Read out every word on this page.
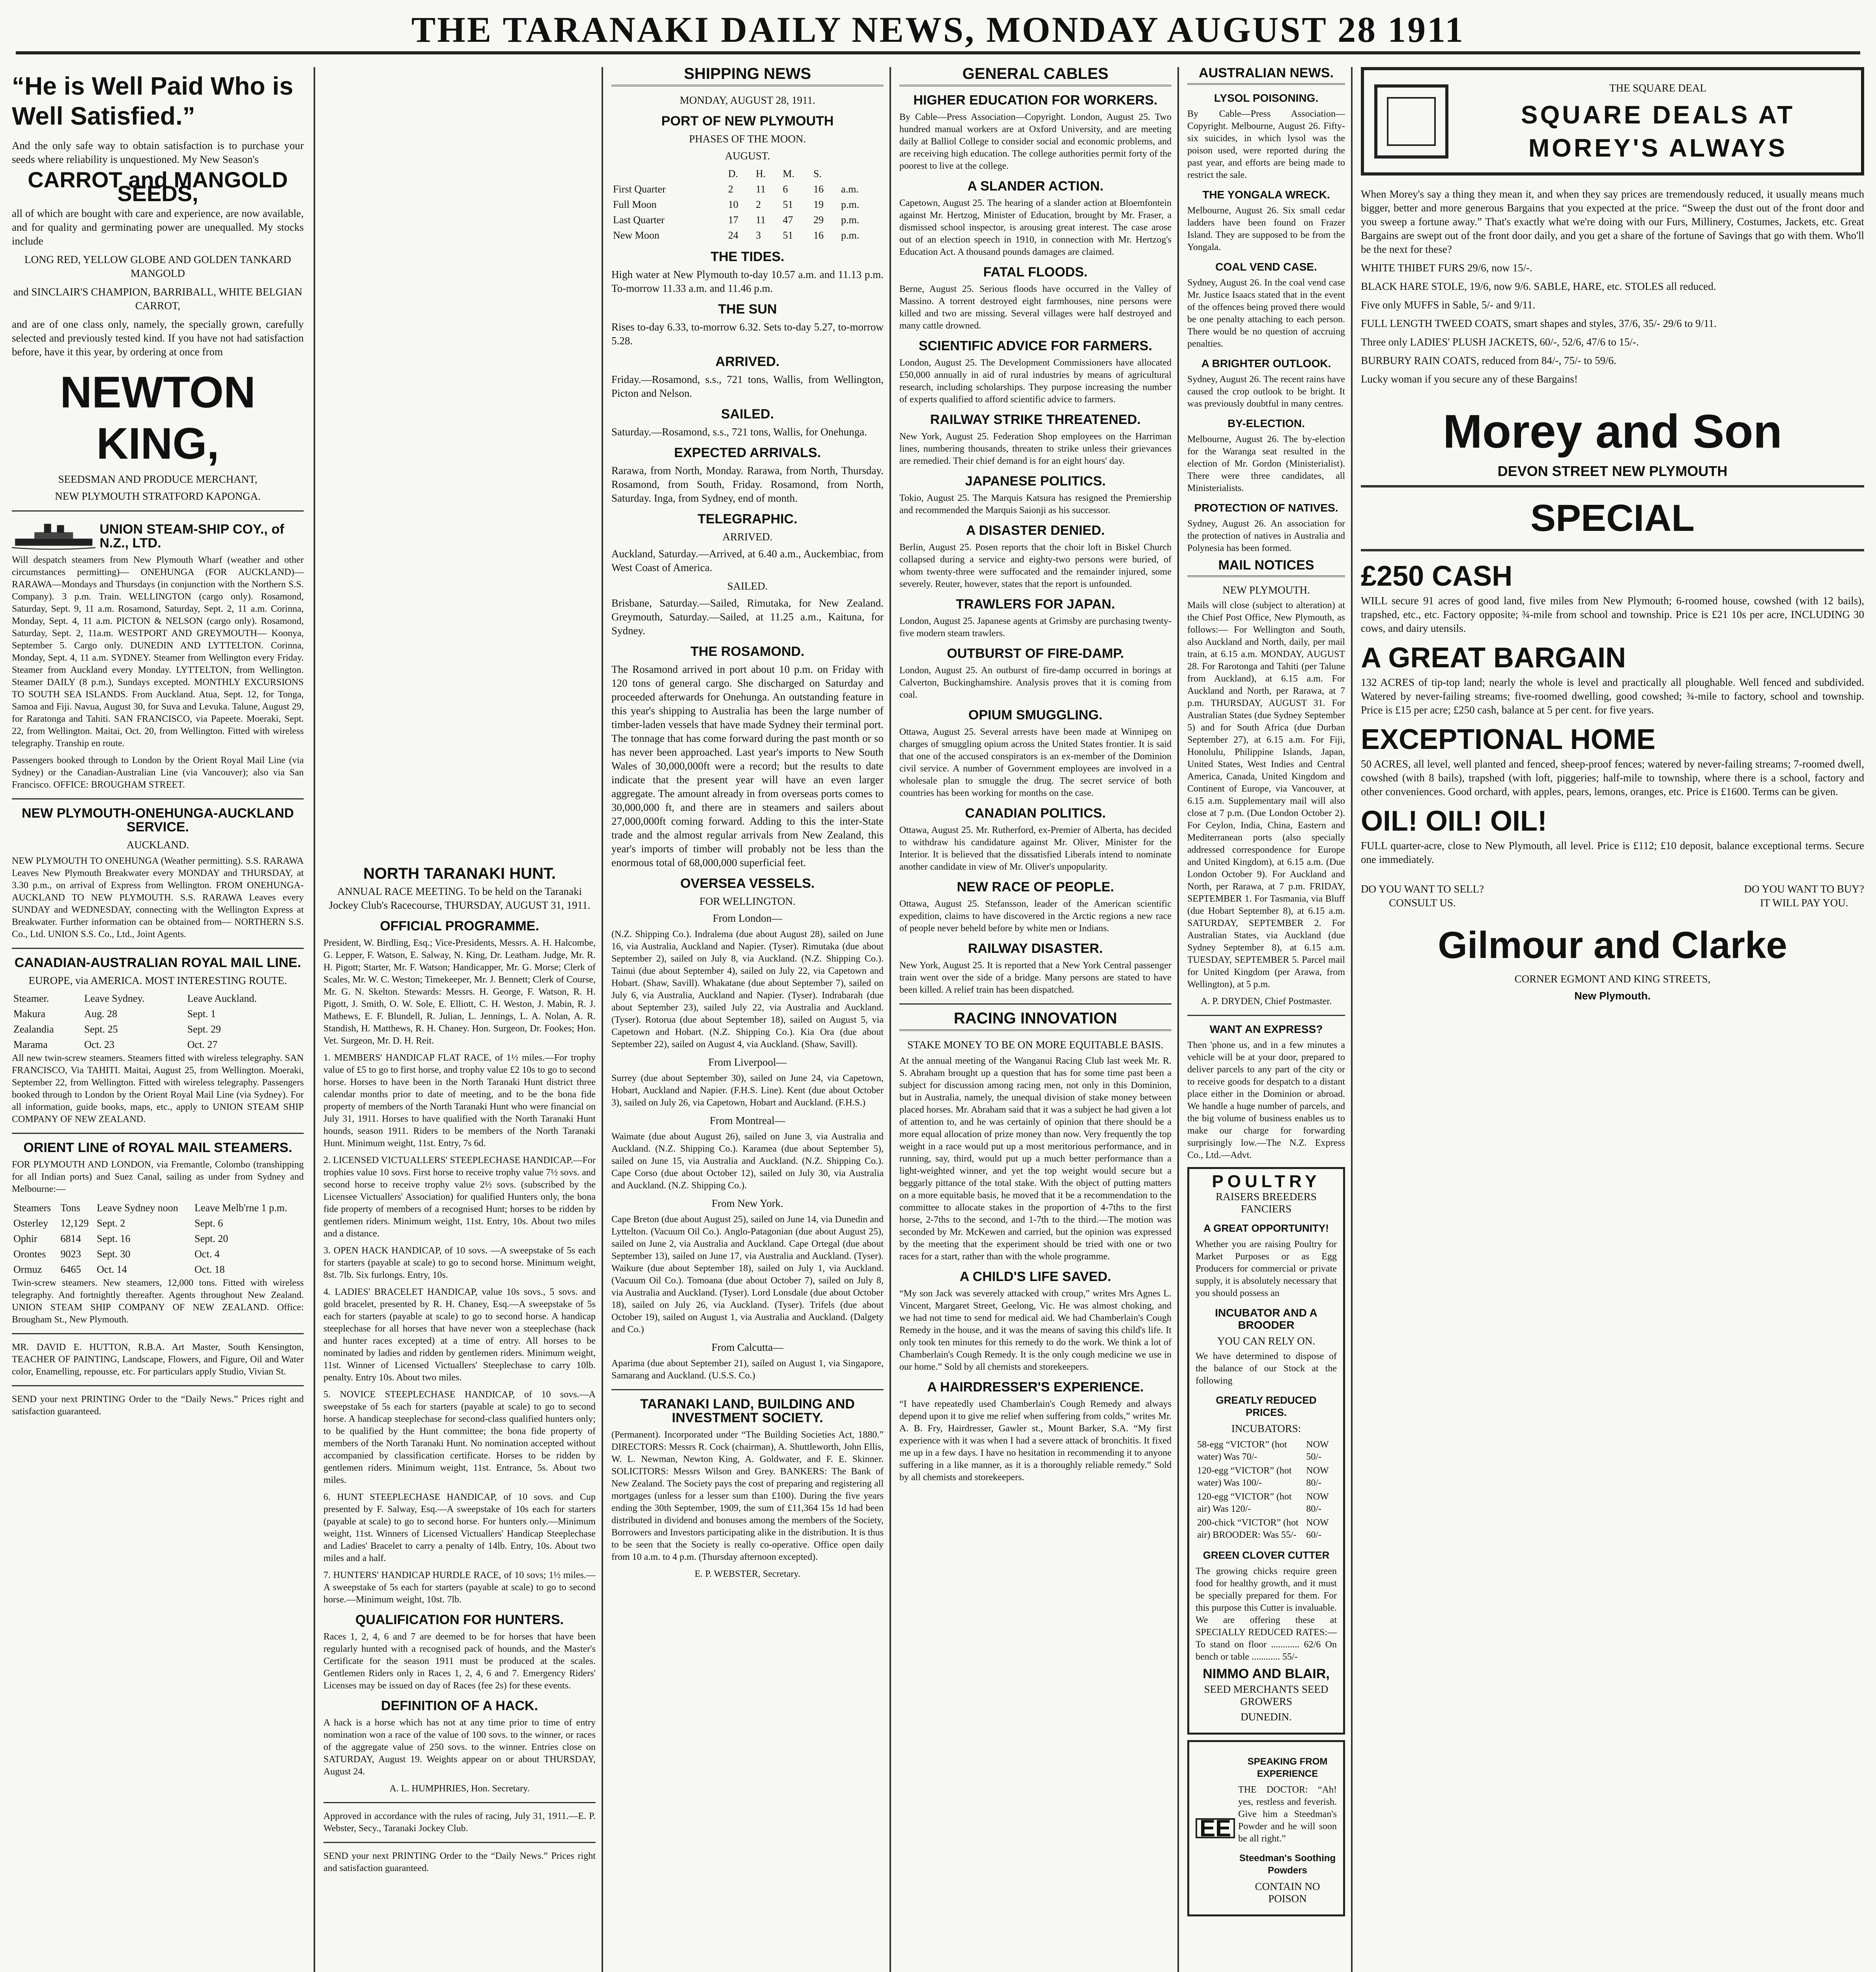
THE TARANAKI DAILY NEWS, MONDAY AUGUST 28 1911
“He is Well Paid Who is Well Satisfied.”

And the only safe way to obtain satisfaction is to purchase your seeds where reliability is unquestioned. My New Season's

CARROT and MANGOLD SEEDS,

all of which are bought with care and experience, are now available, and for quality and germinating power are unequalled. My stocks include

LONG RED, YELLOW GLOBE AND GOLDEN TANKARD MANGOLD

and SINCLAIR'S CHAMPION, BARRIBALL, WHITE BELGIAN CARROT,

and are of one class only, namely, the specially grown, carefully selected and previously tested kind. If you have not had satisfaction before, have it this year, by ordering at once from

NEWTON KING,
SEEDSMAN AND PRODUCE MERCHANT,
NEW PLYMOUTH STRATFORD KAPONGA.
UNION STEAM-SHIP COY., of N.Z., LTD.

Will despatch steamers from New Plymouth Wharf (weather and other circumstances permitting)— ONEHUNGA (FOR AUCKLAND)— RARAWA—Mondays and Thursdays (in conjunction with the Northern S.S. Company). 3 p.m. Train. WELLINGTON (cargo only). Rosamond, Saturday, Sept. 9, 11 a.m. Rosamond, Saturday, Sept. 2, 11 a.m. Corinna, Monday, Sept. 4, 11 a.m. PICTON & NELSON (cargo only). Rosamond, Saturday, Sept. 2, 11a.m. WESTPORT AND GREYMOUTH— Koonya, September 5. Cargo only. DUNEDIN AND LYTTELTON. Corinna, Monday, Sept. 4, 11 a.m. SYDNEY. Steamer from Wellington every Friday. Steamer from Auckland every Monday. LYTTELTON, from Wellington. Steamer DAILY (8 p.m.), Sundays excepted. MONTHLY EXCURSIONS TO SOUTH SEA ISLANDS. From Auckland. Atua, Sept. 12, for Tonga, Samoa and Fiji. Navua, August 30, for Suva and Levuka. Talune, August 29, for Raratonga and Tahiti. SAN FRANCISCO, via Papeete. Moeraki, Sept. 22, from Wellington. Maitai, Oct. 20, from Wellington. Fitted with wireless telegraphy. Tranship en route.

Passengers booked through to London by the Orient Royal Mail Line (via Sydney) or the Canadian-Australian Line (via Vancouver); also via San Francisco. OFFICE: BROUGHAM STREET.

NEW PLYMOUTH-ONEHUNGA-AUCKLAND SERVICE.
AUCKLAND.

NEW PLYMOUTH TO ONEHUNGA (Weather permitting). S.S. RARAWA Leaves New Plymouth Breakwater every MONDAY and THURSDAY, at 3.30 p.m., on arrival of Express from Wellington. FROM ONEHUNGA-AUCKLAND TO NEW PLYMOUTH. S.S. RARAWA Leaves every SUNDAY and WEDNESDAY, connecting with the Wellington Express at Breakwater. Further information can be obtained from— NORTHERN S.S. Co., Ltd. UNION S.S. Co., Ltd., Joint Agents.

CANADIAN-AUSTRALIAN ROYAL MAIL LINE.
EUROPE, via AMERICA. MOST INTERESTING ROUTE.
Steamer.	Leave Sydney.	Leave Auckland.
Makura	Aug. 28	Sept. 1
Zealandia	Sept. 25	Sept. 29
Marama	Oct. 23	Oct. 27

All new twin-screw steamers. Steamers fitted with wireless telegraphy. SAN FRANCISCO, Via TAHITI. Maitai, August 25, from Wellington. Moeraki, September 22, from Wellington. Fitted with wireless telegraphy. Passengers booked through to London by the Orient Royal Mail Line (via Sydney). For all information, guide books, maps, etc., apply to UNION STEAM SHIP COMPANY OF NEW ZEALAND.

ORIENT LINE of ROYAL MAIL STEAMERS.

FOR PLYMOUTH AND LONDON, via Fremantle, Colombo (transhipping for all Indian ports) and Suez Canal, sailing as under from Sydney and Melbourne:—

Steamers	Tons	Leave Sydney noon	Leave Melb'rne 1 p.m.
Osterley	12,129	Sept. 2	Sept. 6
Ophir	6814	Sept. 16	Sept. 20
Orontes	9023	Sept. 30	Oct. 4
Ormuz	6465	Oct. 14	Oct. 18

Twin-screw steamers. New steamers, 12,000 tons. Fitted with wireless telegraphy. And fortnightly thereafter. Agents throughout New Zealand. UNION STEAM SHIP COMPANY OF NEW ZEALAND. Office: Brougham St., New Plymouth.

MR. DAVID E. HUTTON, R.B.A. Art Master, South Kensington, TEACHER OF PAINTING, Landscape, Flowers, and Figure, Oil and Water color, Enamelling, repousse, etc. For particulars apply Studio, Vivian St.

SEND your next PRINTING Order to the “Daily News.” Prices right and satisfaction guaranteed.

NORTH TARANAKI HUNT.
ANNUAL RACE MEETING. To be held on the Taranaki Jockey Club's Racecourse, THURSDAY, AUGUST 31, 1911.
OFFICIAL PROGRAMME.

President, W. Birdling, Esq.; Vice-Presidents, Messrs. A. H. Halcombe, G. Lepper, F. Watson, E. Salway, N. King, Dr. Leatham. Judge, Mr. R. H. Pigott; Starter, Mr. F. Watson; Handicapper, Mr. G. Morse; Clerk of Scales, Mr. W. C. Weston; Timekeeper, Mr. J. Bennett; Clerk of Course, Mr. G. N. Skelton. Stewards: Messrs. H. George, F. Watson, R. H. Pigott, J. Smith, O. W. Sole, E. Elliott, C. H. Weston, J. Mabin, R. J. Mathews, E. F. Blundell, R. Julian, L. Jennings, L. A. Nolan, A. R. Standish, H. Matthews, R. H. Chaney. Hon. Surgeon, Dr. Fookes; Hon. Vet. Surgeon, Mr. D. H. Reit.

1. MEMBERS' HANDICAP FLAT RACE, of 1½ miles.—For trophy value of £5 to go to first horse, and trophy value £2 10s to go to second horse. Horses to have been in the North Taranaki Hunt district three calendar months prior to date of meeting, and to be the bona fide property of members of the North Taranaki Hunt who were financial on July 31, 1911. Horses to have qualified with the North Taranaki Hunt hounds, season 1911. Riders to be members of the North Taranaki Hunt. Minimum weight, 11st. Entry, 7s 6d.

2. LICENSED VICTUALLERS' STEEPLECHASE HANDICAP.—For trophies value 10 sovs. First horse to receive trophy value 7½ sovs. and second horse to receive trophy value 2½ sovs. (subscribed by the Licensee Victuallers' Association) for qualified Hunters only, the bona fide property of members of a recognised Hunt; horses to be ridden by gentlemen riders. Minimum weight, 11st. Entry, 10s. About two miles and a distance.

3. OPEN HACK HANDICAP, of 10 sovs. —A sweepstake of 5s each for starters (payable at scale) to go to second horse. Minimum weight, 8st. 7lb. Six furlongs. Entry, 10s.

4. LADIES' BRACELET HANDICAP, value 10s sovs., 5 sovs. and gold bracelet, presented by R. H. Chaney, Esq.—A sweepstake of 5s each for starters (payable at scale) to go to second horse. A handicap steeplechase for all horses that have never won a steeplechase (hack and hunter races excepted) at a time of entry. All horses to be nominated by ladies and ridden by gentlemen riders. Minimum weight, 11st. Winner of Licensed Victuallers' Steeplechase to carry 10lb. penalty. Entry 10s. About two miles.

5. NOVICE STEEPLECHASE HANDICAP, of 10 sovs.—A sweepstake of 5s each for starters (payable at scale) to go to second horse. A handicap steeplechase for second-class qualified hunters only; to be qualified by the Hunt committee; the bona fide property of members of the North Taranaki Hunt. No nomination accepted without accompanied by classification certificate. Horses to be ridden by gentlemen riders. Minimum weight, 11st. Entrance, 5s. About two miles.

6. HUNT STEEPLECHASE HANDICAP, of 10 sovs. and Cup presented by F. Salway, Esq.—A sweepstake of 10s each for starters (payable at scale) to go to second horse. For hunters only.—Minimum weight, 11st. Winners of Licensed Victuallers' Handicap Steeplechase and Ladies' Bracelet to carry a penalty of 14lb. Entry, 10s. About two miles and a half.

7. HUNTERS' HANDICAP HURDLE RACE, of 10 sovs; 1½ miles.—A sweepstake of 5s each for starters (payable at scale) to go to second horse.—Minimum weight, 10st. 7lb.

QUALIFICATION FOR HUNTERS.

Races 1, 2, 4, 6 and 7 are deemed to be for horses that have been regularly hunted with a recognised pack of hounds, and the Master's Certificate for the season 1911 must be produced at the scales. Gentlemen Riders only in Races 1, 2, 4, 6 and 7. Emergency Riders' Licenses may be issued on day of Races (fee 2s) for these events.

DEFINITION OF A HACK.

A hack is a horse which has not at any time prior to time of entry nomination won a race of the value of 100 sovs. to the winner, or races of the aggregate value of 250 sovs. to the winner. Entries close on SATURDAY, August 19. Weights appear on or about THURSDAY, August 24.

A. L. HUMPHRIES, Hon. Secretary.

Approved in accordance with the rules of racing, July 31, 1911.—E. P. Webster, Secy., Taranaki Jockey Club.

SEND your next PRINTING Order to the “Daily News.” Prices right and satisfaction guaranteed.

SHIPPING NEWS
MONDAY, AUGUST 28, 1911.
PORT OF NEW PLYMOUTH
PHASES OF THE MOON.
AUGUST.
	D.	H.	M.	S.	
First Quarter	2	11	6	16	a.m.
Full Moon	10	2	51	19	p.m.
Last Quarter	17	11	47	29	p.m.
New Moon	24	3	51	16	p.m.
THE TIDES.

High water at New Plymouth to-day 10.57 a.m. and 11.13 p.m. To-morrow 11.33 a.m. and 11.46 p.m.

THE SUN

Rises to-day 6.33, to-morrow 6.32. Sets to-day 5.27, to-morrow 5.28.

ARRIVED.

Friday.—Rosamond, s.s., 721 tons, Wallis, from Wellington, Picton and Nelson.

SAILED.

Saturday.—Rosamond, s.s., 721 tons, Wallis, for Onehunga.

EXPECTED ARRIVALS.

Rarawa, from North, Monday. Rarawa, from North, Thursday. Rosamond, from South, Friday. Rosamond, from North, Saturday. Inga, from Sydney, end of month.

TELEGRAPHIC.
ARRIVED.

Auckland, Saturday.—Arrived, at 6.40 a.m., Auckembiac, from West Coast of America.

SAILED.

Brisbane, Saturday.—Sailed, Rimutaka, for New Zealand. Greymouth, Saturday.—Sailed, at 11.25 a.m., Kaituna, for Sydney.

THE ROSAMOND.

The Rosamond arrived in port about 10 p.m. on Friday with 120 tons of general cargo. She discharged on Saturday and proceeded afterwards for Onehunga. An outstanding feature in this year's shipping to Australia has been the large number of timber-laden vessels that have made Sydney their terminal port. The tonnage that has come forward during the past month or so has never been approached. Last year's imports to New South Wales of 30,000,000ft were a record; but the results to date indicate that the present year will have an even larger aggregate. The amount already in from overseas ports comes to 30,000,000 ft, and there are in steamers and sailers about 27,000,000ft coming forward. Adding to this the inter-State trade and the almost regular arrivals from New Zealand, this year's imports of timber will probably not be less than the enormous total of 68,000,000 superficial feet.

OVERSEA VESSELS.
FOR WELLINGTON.
From London—

(N.Z. Shipping Co.). Indralema (due about August 28), sailed on June 16, via Australia, Auckland and Napier. (Tyser). Rimutaka (due about September 2), sailed on July 8, via Auckland. (N.Z. Shipping Co.). Tainui (due about September 4), sailed on July 22, via Capetown and Hobart. (Shaw, Savill). Whakatane (due about September 7), sailed on July 6, via Australia, Auckland and Napier. (Tyser). Indrabarah (due about September 23), sailed July 22, via Australia and Auckland. (Tyser). Rotorua (due about September 18), sailed on August 5, via Capetown and Hobart. (N.Z. Shipping Co.). Kia Ora (due about September 22), sailed on August 4, via Auckland. (Shaw, Savill).

From Liverpool—

Surrey (due about September 30), sailed on June 24, via Capetown, Hobart, Auckland and Napier. (F.H.S. Line). Kent (due about October 3), sailed on July 26, via Capetown, Hobart and Auckland. (F.H.S.)

From Montreal—

Waimate (due about August 26), sailed on June 3, via Australia and Auckland. (N.Z. Shipping Co.). Karamea (due about September 5), sailed on June 15, via Australia and Auckland. (N.Z. Shipping Co.). Cape Corso (due about October 12), sailed on July 30, via Australia and Auckland. (N.Z. Shipping Co.).

From New York.

Cape Breton (due about August 25), sailed on June 14, via Dunedin and Lyttelton. (Vacuum Oil Co.). Anglo-Patagonian (due about August 25), sailed on June 2, via Australia and Auckland. Cape Ortegal (due about September 13), sailed on June 17, via Australia and Auckland. (Tyser). Waikure (due about September 18), sailed on July 1, via Auckland. (Vacuum Oil Co.). Tomoana (due about October 7), sailed on July 8, via Australia and Auckland. (Tyser). Lord Lonsdale (due about October 18), sailed on July 26, via Auckland. (Tyser). Trifels (due about October 19), sailed on August 1, via Australia and Auckland. (Dalgety and Co.)

From Calcutta—

Aparima (due about September 21), sailed on August 1, via Singapore, Samarang and Auckland. (U.S.S. Co.)

TARANAKI LAND, BUILDING AND INVESTMENT SOCIETY.

(Permanent). Incorporated under “The Building Societies Act, 1880.” DIRECTORS: Messrs R. Cock (chairman), A. Shuttleworth, John Ellis, W. L. Newman, Newton King, A. Goldwater, and F. E. Skinner. SOLICITORS: Messrs Wilson and Grey. BANKERS: The Bank of New Zealand. The Society pays the cost of preparing and registering all mortgages (unless for a lesser sum than £100). During the five years ending the 30th September, 1909, the sum of £11,364 15s 1d had been distributed in dividend and bonuses among the members of the Society, Borrowers and Investors participating alike in the distribution. It is thus to be seen that the Society is really co-operative. Office open daily from 10 a.m. to 4 p.m. (Thursday afternoon excepted).

E. P. WEBSTER, Secretary.

GENERAL CABLES
HIGHER EDUCATION FOR WORKERS.

By Cable—Press Association—Copyright. London, August 25. Two hundred manual workers are at Oxford University, and are meeting daily at Balliol College to consider social and economic problems, and are receiving high education. The college authorities permit forty of the poorest to live at the college.

A SLANDER ACTION.

Capetown, August 25. The hearing of a slander action at Bloemfontein against Mr. Hertzog, Minister of Education, brought by Mr. Fraser, a dismissed school inspector, is arousing great interest. The case arose out of an election speech in 1910, in connection with Mr. Hertzog's Education Act. A thousand pounds damages are claimed.

FATAL FLOODS.

Berne, August 25. Serious floods have occurred in the Valley of Massino. A torrent destroyed eight farmhouses, nine persons were killed and two are missing. Several villages were half destroyed and many cattle drowned.

SCIENTIFIC ADVICE FOR FARMERS.

London, August 25. The Development Commissioners have allocated £50,000 annually in aid of rural industries by means of agricultural research, including scholarships. They purpose increasing the number of experts qualified to afford scientific advice to farmers.

RAILWAY STRIKE THREATENED.

New York, August 25. Federation Shop employees on the Harriman lines, numbering thousands, threaten to strike unless their grievances are remedied. Their chief demand is for an eight hours' day.

JAPANESE POLITICS.

Tokio, August 25. The Marquis Katsura has resigned the Premiership and recommended the Marquis Saionji as his successor.

A DISASTER DENIED.

Berlin, August 25. Posen reports that the choir loft in Biskel Church collapsed during a service and eighty-two persons were buried, of whom twenty-three were suffocated and the remainder injured, some severely. Reuter, however, states that the report is unfounded.

TRAWLERS FOR JAPAN.

London, August 25. Japanese agents at Grimsby are purchasing twenty-five modern steam trawlers.

OUTBURST OF FIRE-DAMP.

London, August 25. An outburst of fire-damp occurred in borings at Calverton, Buckinghamshire. Analysis proves that it is coming from coal.

OPIUM SMUGGLING.

Ottawa, August 25. Several arrests have been made at Winnipeg on charges of smuggling opium across the United States frontier. It is said that one of the accused conspirators is an ex-member of the Dominion civil service. A number of Government employees are involved in a wholesale plan to smuggle the drug. The secret service of both countries has been working for months on the case.

CANADIAN POLITICS.

Ottawa, August 25. Mr. Rutherford, ex-Premier of Alberta, has decided to withdraw his candidature against Mr. Oliver, Minister for the Interior. It is believed that the dissatisfied Liberals intend to nominate another candidate in view of Mr. Oliver's unpopularity.

NEW RACE OF PEOPLE.

Ottawa, August 25. Stefansson, leader of the American scientific expedition, claims to have discovered in the Arctic regions a new race of people never beheld before by white men or Indians.

RAILWAY DISASTER.

New York, August 25. It is reported that a New York Central passenger train went over the side of a bridge. Many persons are stated to have been killed. A relief train has been dispatched.

RACING INNOVATION
STAKE MONEY TO BE ON MORE EQUITABLE BASIS.

At the annual meeting of the Wanganui Racing Club last week Mr. R. S. Abraham brought up a question that has for some time past been a subject for discussion among racing men, not only in this Dominion, but in Australia, namely, the unequal division of stake money between placed horses. Mr. Abraham said that it was a subject he had given a lot of attention to, and he was certainly of opinion that there should be a more equal allocation of prize money than now. Very frequently the top weight in a race would put up a most meritorious performance, and in running, say, third, would put up a much better performance than a light-weighted winner, and yet the top weight would secure but a beggarly pittance of the total stake. With the object of putting matters on a more equitable basis, he moved that it be a recommendation to the committee to allocate stakes in the proportion of 4-7ths to the first horse, 2-7ths to the second, and 1-7th to the third.—The motion was seconded by Mr. McKewen and carried, but the opinion was expressed by the meeting that the experiment should be tried with one or two races for a start, rather than with the whole programme.

A CHILD'S LIFE SAVED.

“My son Jack was severely attacked with croup,” writes Mrs Agnes L. Vincent, Margaret Street, Geelong, Vic. He was almost choking, and we had not time to send for medical aid. We had Chamberlain's Cough Remedy in the house, and it was the means of saving this child's life. It only took ten minutes for this remedy to do the work. We think a lot of Chamberlain's Cough Remedy. It is the only cough medicine we use in our home.” Sold by all chemists and storekeepers.

A HAIRDRESSER'S EXPERIENCE.

“I have repeatedly used Chamberlain's Cough Remedy and always depend upon it to give me relief when suffering from colds,” writes Mr. A. B. Fry, Hairdresser, Gawler st., Mount Barker, S.A. “My first experience with it was when I had a severe attack of bronchitis. It fixed me up in a few days. I have no hesitation in recommending it to anyone suffering in a like manner, as it is a thoroughly reliable remedy.” Sold by all chemists and storekeepers.

AUSTRALIAN NEWS.
LYSOL POISONING.

By Cable—Press Association—Copyright. Melbourne, August 26. Fifty-six suicides, in which lysol was the poison used, were reported during the past year, and efforts are being made to restrict the sale.

THE YONGALA WRECK.

Melbourne, August 26. Six small cedar ladders have been found on Frazer Island. They are supposed to be from the Yongala.

COAL VEND CASE.

Sydney, August 26. In the coal vend case Mr. Justice Isaacs stated that in the event of the offences being proved there would be one penalty attaching to each person. There would be no question of accruing penalties.

A BRIGHTER OUTLOOK.

Sydney, August 26. The recent rains have caused the crop outlook to be bright. It was previously doubtful in many centres.

BY-ELECTION.

Melbourne, August 26. The by-election for the Waranga seat resulted in the election of Mr. Gordon (Ministerialist). There were three candidates, all Ministerialists.

PROTECTION OF NATIVES.

Sydney, August 26. An association for the protection of natives in Australia and Polynesia has been formed.

MAIL NOTICES
NEW PLYMOUTH.

Mails will close (subject to alteration) at the Chief Post Office, New Plymouth, as follows:— For Wellington and South, also Auckland and North, daily, per mail train, at 6.15 a.m. MONDAY, AUGUST 28. For Rarotonga and Tahiti (per Talune from Auckland), at 6.15 a.m. For Auckland and North, per Rarawa, at 7 p.m. THURSDAY, AUGUST 31. For Australian States (due Sydney September 5) and for South Africa (due Durban September 27), at 6.15 a.m. For Fiji, Honolulu, Philippine Islands, Japan, United States, West Indies and Central America, Canada, United Kingdom and Continent of Europe, via Vancouver, at 6.15 a.m. Supplementary mail will also close at 7 p.m. (Due London October 2). For Ceylon, India, China, Eastern and Mediterranean ports (also specially addressed correspondence for Europe and United Kingdom), at 6.15 a.m. (Due London October 9). For Auckland and North, per Rarawa, at 7 p.m. FRIDAY, SEPTEMBER 1. For Tasmania, via Bluff (due Hobart September 8), at 6.15 a.m. SATURDAY, SEPTEMBER 2. For Australian States, via Auckland (due Sydney September 8), at 6.15 a.m. TUESDAY, SEPTEMBER 5. Parcel mail for United Kingdom (per Arawa, from Wellington), at 5 p.m.

A. P. DRYDEN, Chief Postmaster.

WANT AN EXPRESS?

Then 'phone us, and in a few minutes a vehicle will be at your door, prepared to deliver parcels to any part of the city or to receive goods for despatch to a distant place either in the Dominion or abroad. We handle a huge number of parcels, and the big volume of business enables us to make our charge for forwarding surprisingly low.—The N.Z. Express Co., Ltd.—Advt.

POULTRY
RAISERS BREEDERS FANCIERS
A GREAT OPPORTUNITY!

Whether you are raising Poultry for Market Purposes or as Egg Producers for commercial or private supply, it is absolutely necessary that you should possess an

INCUBATOR AND A BROODER
YOU CAN RELY ON.

We have determined to dispose of the balance of our Stock at the following

GREATLY REDUCED PRICES.
INCUBATORS:
58-egg “VICTOR” (hot water) Was 70/-	NOW 50/-
120-egg “VICTOR” (hot water) Was 100/-	NOW 80/-
120-egg “VICTOR” (hot air) Was 120/-	NOW 80/-
200-chick “VICTOR” (hot air) BROODER: Was 55/-	NOW 60/-
GREEN CLOVER CUTTER

The growing chicks require green food for healthy growth, and it must be specially prepared for them. For this purpose this Cutter is invaluable. We are offering these at SPECIALLY REDUCED RATES:— To stand on floor ............ 62/6 On bench or table ............ 55/-

NIMMO AND BLAIR,
SEED MERCHANTS SEED GROWERS
DUNEDIN.
EE
SPEAKING FROM EXPERIENCE

THE DOCTOR: “Ah! yes, restless and feverish. Give him a Steedman's Powder and he will soon be all right.”

Steedman's Soothing Powders
CONTAIN NO POISON
THE SQUARE DEAL
SQUARE DEALS AT MOREY'S ALWAYS

When Morey's say a thing they mean it, and when they say prices are tremendously reduced, it usually means much bigger, better and more generous Bargains that you expected at the price. “Sweep the dust out of the front door and you sweep a fortune away.” That's exactly what we're doing with our Furs, Millinery, Costumes, Jackets, etc. Great Bargains are swept out of the front door daily, and you get a share of the fortune of Savings that go with them. Who'll be the next for these?

WHITE THIBET FURS 29/6, now 15/-.

BLACK HARE STOLE, 19/6, now 9/6. SABLE, HARE, etc. STOLES all reduced.

Five only MUFFS in Sable, 5/- and 9/11.

FULL LENGTH TWEED COATS, smart shapes and styles, 37/6, 35/- 29/6 to 9/11.

Three only LADIES' PLUSH JACKETS, 60/-, 52/6, 47/6 to 15/-.

BURBURY RAIN COATS, reduced from 84/-, 75/- to 59/6.

Lucky woman if you secure any of these Bargains!

Morey and Son
DEVON STREET NEW PLYMOUTH
SPECIAL
£250 CASH

WILL secure 91 acres of good land, five miles from New Plymouth; 6-roomed house, cowshed (with 12 bails), trapshed, etc., etc. Factory opposite; ¾-mile from school and township. Price is £21 10s per acre, INCLUDING 30 cows, and dairy utensils.

A GREAT BARGAIN

132 ACRES of tip-top land; nearly the whole is level and practically all ploughable. Well fenced and subdivided. Watered by never-failing streams; five-roomed dwelling, good cowshed; ¾-mile to factory, school and township. Price is £15 per acre; £250 cash, balance at 5 per cent. for five years.

EXCEPTIONAL HOME

50 ACRES, all level, well planted and fenced, sheep-proof fences; watered by never-failing streams; 7-roomed dwell, cowshed (with 8 bails), trapshed (with loft, piggeries; half-mile to township, where there is a school, factory and other conveniences. Good orchard, with apples, pears, lemons, oranges, etc. Price is £1600. Terms can be given.

OIL! OIL! OIL!

FULL quarter-acre, close to New Plymouth, all level. Price is £112; £10 deposit, balance exceptional terms. Secure one immediately.

DO YOU WANT TO SELL?
CONSULT US.
DO YOU WANT TO BUY?
IT WILL PAY YOU.
Gilmour and Clarke
CORNER EGMONT AND KING STREETS,
New Plymouth.
